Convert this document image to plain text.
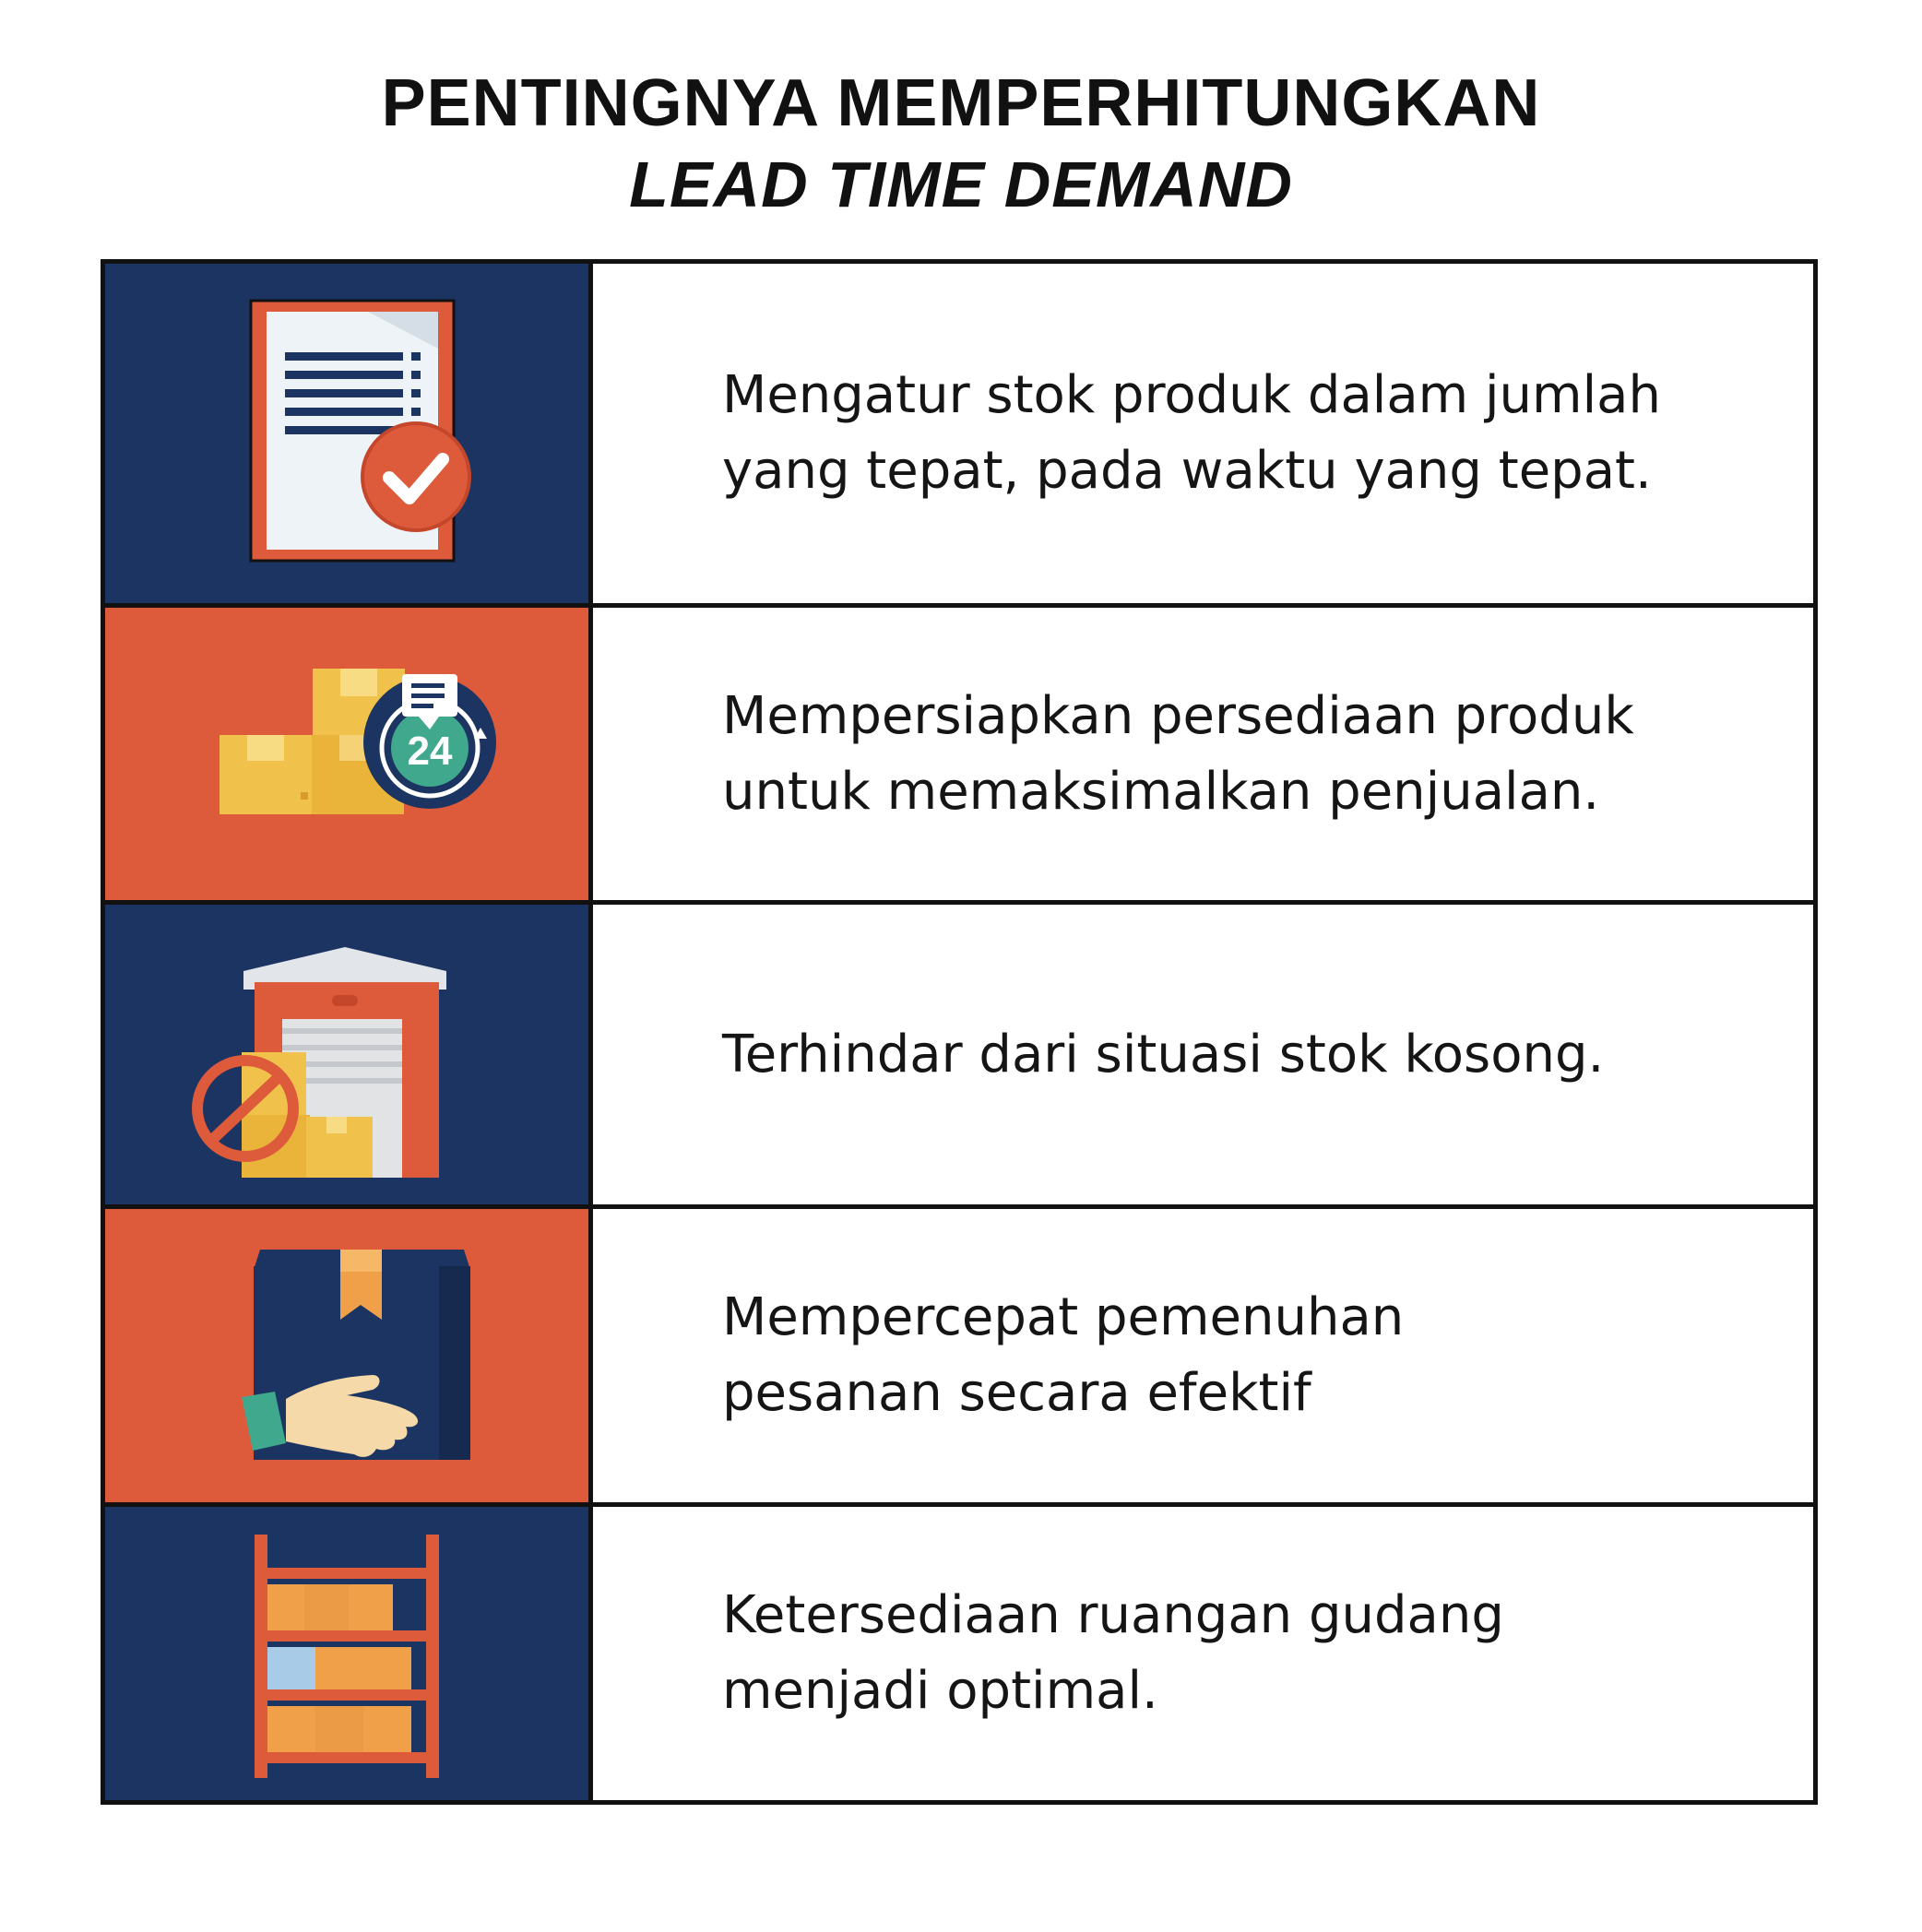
PENTINGNYA MEMPERHITUNGKAN
LEAD TIME DEMAND
Mengatur stok produk dalam jumlah
yang tepat, pada waktu yang tepat.
24
Mempersiapkan persediaan produk
untuk memaksimalkan penjualan.
Terhindar dari situasi stok kosong.
Mempercepat pemenuhan
pesanan secara efektif
Ketersediaan ruangan gudang
menjadi optimal.
